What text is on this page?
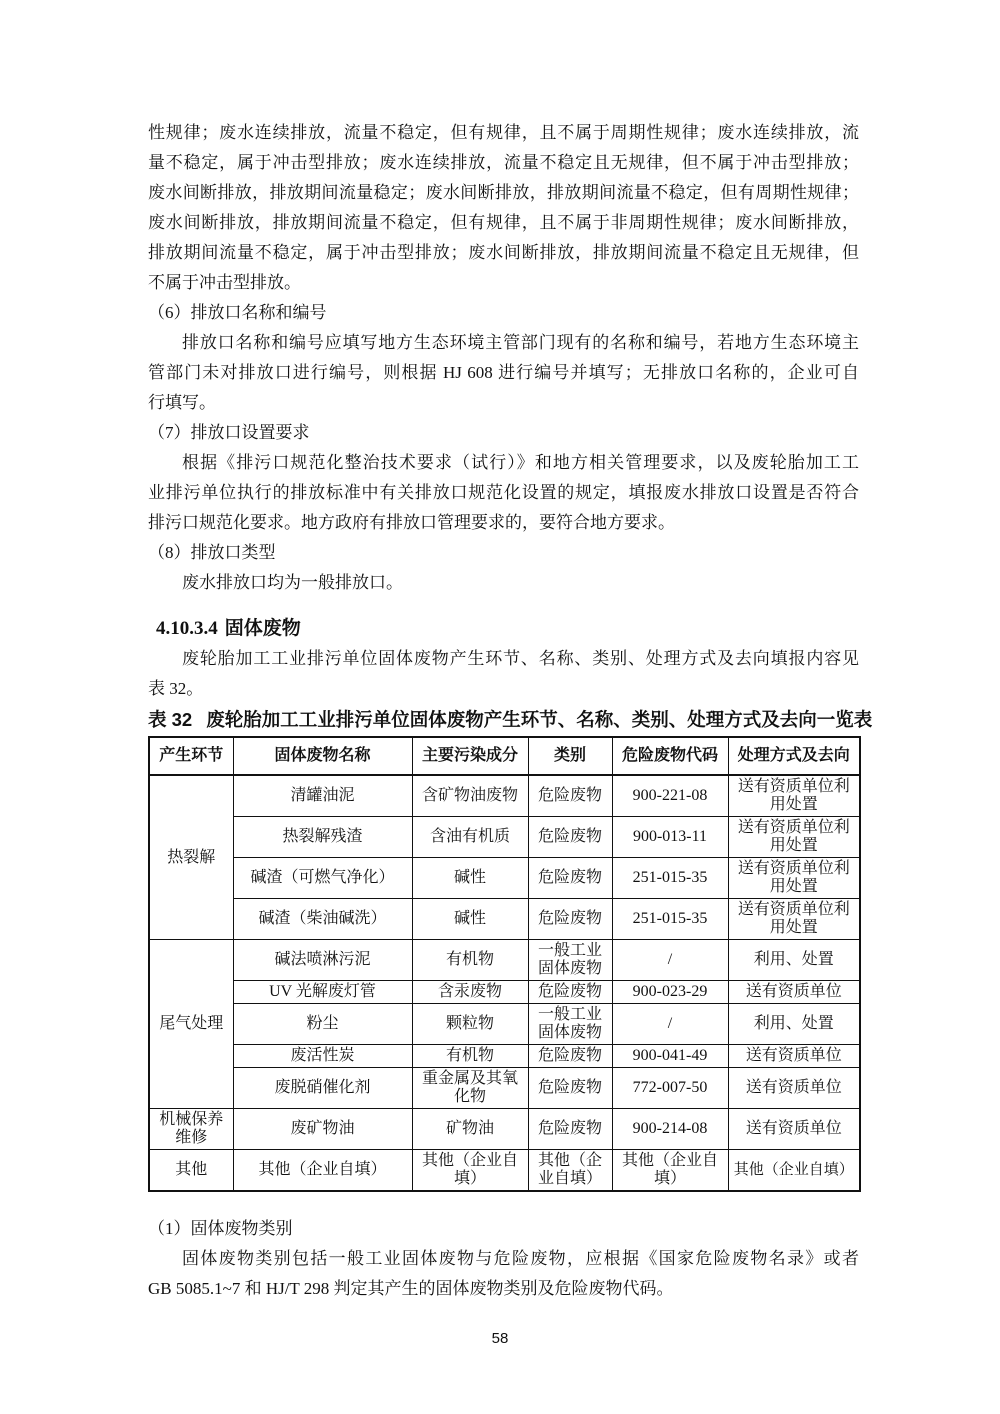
性规律；废水连续排放，流量不稳定，但有规律，且不属于周期性规律；废水连续排放，流
量不稳定，属于冲击型排放；废水连续排放，流量不稳定且无规律，但不属于冲击型排放；
废水间断排放，排放期间流量稳定；废水间断排放，排放期间流量不稳定，但有周期性规律；
废水间断排放，排放期间流量不稳定，但有规律，且不属于非周期性规律；废水间断排放，
排放期间流量不稳定，属于冲击型排放；废水间断排放，排放期间流量不稳定且无规律，但
不属于冲击型排放。
（6）排放口名称和编号
排放口名称和编号应填写地方生态环境主管部门现有的名称和编号，若地方生态环境主
管部门未对排放口进行编号，则根据 HJ 608 进行编号并填写；无排放口名称的，企业可自
行填写。
（7）排放口设置要求
根据《排污口规范化整治技术要求（试行）》和地方相关管理要求，以及废轮胎加工工
业排污单位执行的排放标准中有关排放口规范化设置的规定，填报废水排放口设置是否符合
排污口规范化要求。地方政府有排放口管理要求的，要符合地方要求。
（8）排放口类型
废水排放口均为一般排放口。
4.10.3.4 固体废物
废轮胎加工工业排污单位固体废物产生环节、名称、类别、处理方式及去向填报内容见
表 32。
表 32 废轮胎加工工业排污单位固体废物产生环节、名称、类别、处理方式及去向一览表
产生环节	固体废物名称	主要污染成分	类别	危险废物代码	处理方式及去向
热裂解	清罐油泥	含矿物油废物	危险废物	900-221-08	送有资质单位利用处置
	热裂解残渣	含油有机质	危险废物	900-013-11	送有资质单位利用处置
	碱渣（可燃气净化）	碱性	危险废物	251-015-35	送有资质单位利用处置
	碱渣（柴油碱洗）	碱性	危险废物	251-015-35	送有资质单位利用处置
尾气处理	碱法喷淋污泥	有机物	一般工业固体废物	/	利用、处置
	UV 光解废灯管	含汞废物	危险废物	900-023-29	送有资质单位
	粉尘	颗粒物	一般工业固体废物	/	利用、处置
	废活性炭	有机物	危险废物	900-041-49	送有资质单位
	废脱硝催化剂	重金属及其氧化物	危险废物	772-007-50	送有资质单位
机械保养维修	废矿物油	矿物油	危险废物	900-214-08	送有资质单位
其他	其他（企业自填）	其他（企业自填）	其他（企业自填）	其他（企业自填）	其他（企业自填）
（1）固体废物类别
固体废物类别包括一般工业固体废物与危险废物，应根据《国家危险废物名录》或者
GB 5085.1~7 和 HJ/T 298 判定其产生的固体废物类别及危险废物代码。
58
